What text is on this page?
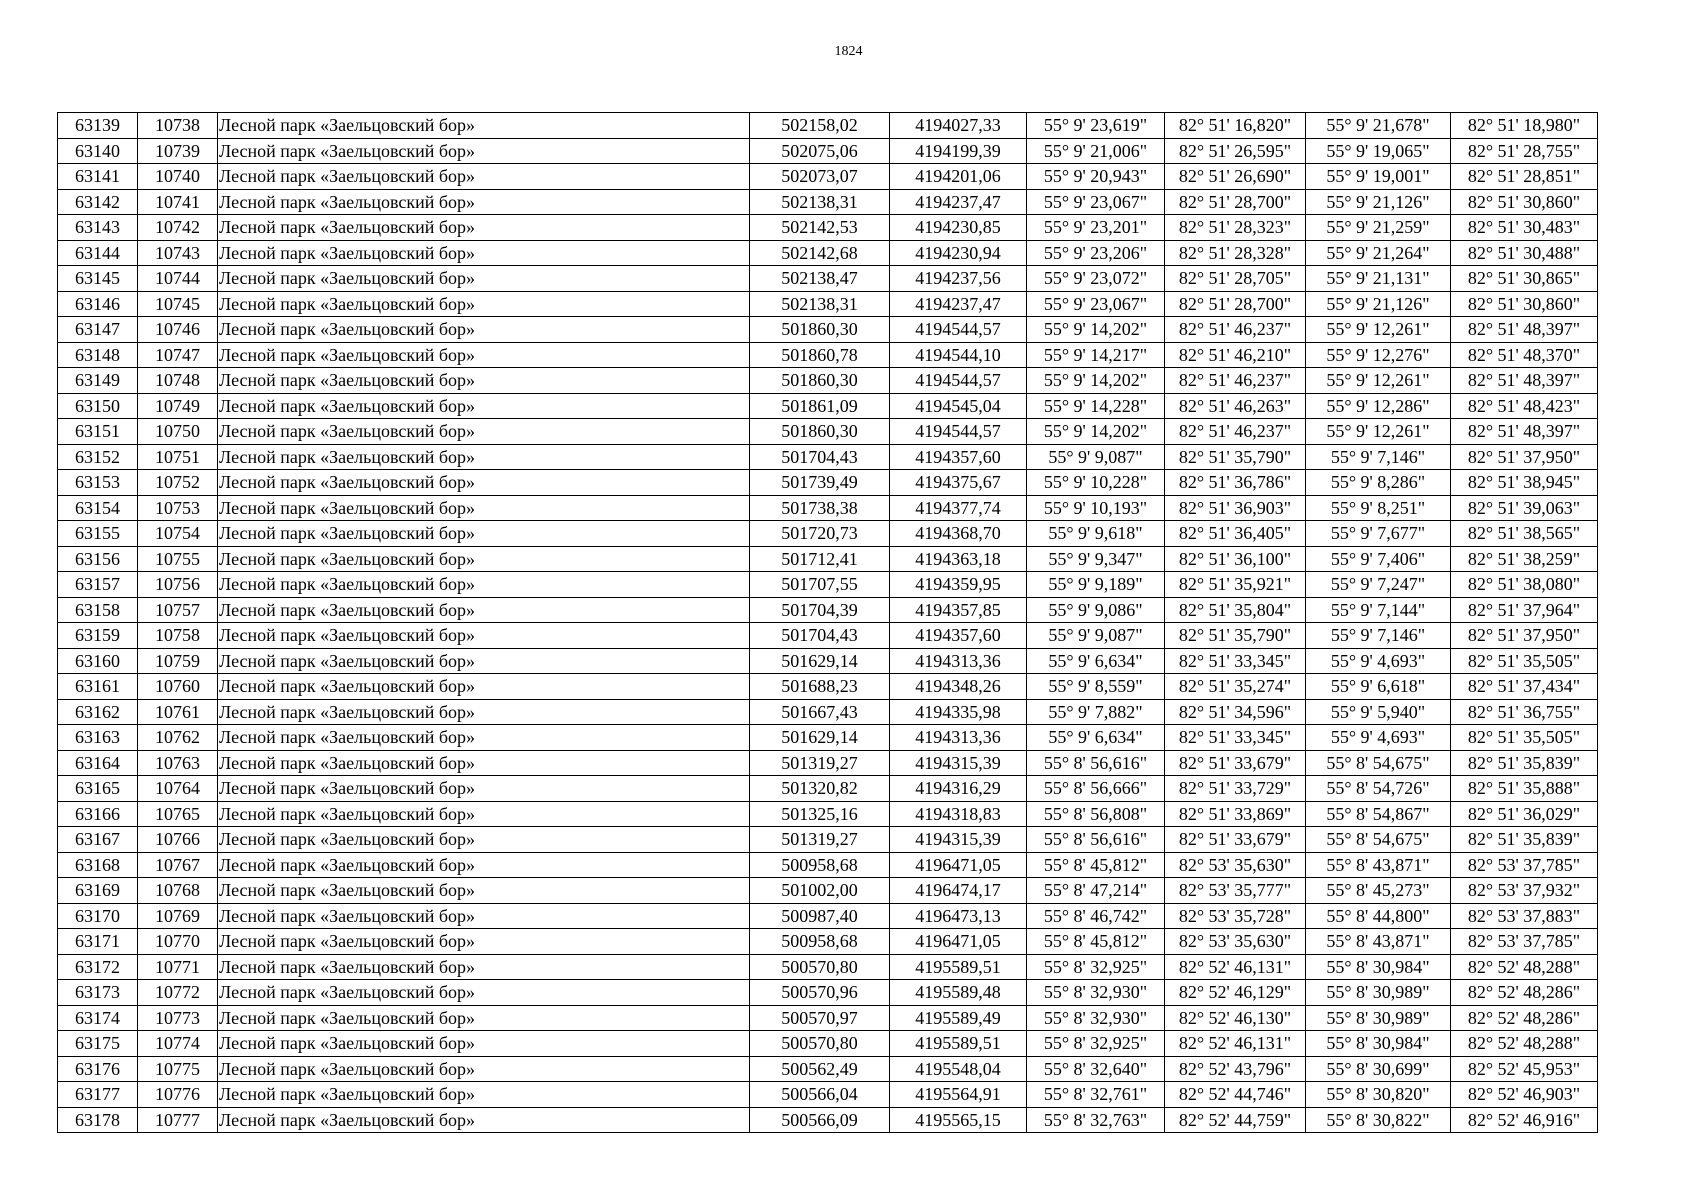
1824
63139	10738	Лесной парк «Заельцовский бор»	502158,02	4194027,33	55° 9' 23,619"	82° 51' 16,820"	55° 9' 21,678"	82° 51' 18,980"
63140	10739	Лесной парк «Заельцовский бор»	502075,06	4194199,39	55° 9' 21,006"	82° 51' 26,595"	55° 9' 19,065"	82° 51' 28,755"
63141	10740	Лесной парк «Заельцовский бор»	502073,07	4194201,06	55° 9' 20,943"	82° 51' 26,690"	55° 9' 19,001"	82° 51' 28,851"
63142	10741	Лесной парк «Заельцовский бор»	502138,31	4194237,47	55° 9' 23,067"	82° 51' 28,700"	55° 9' 21,126"	82° 51' 30,860"
63143	10742	Лесной парк «Заельцовский бор»	502142,53	4194230,85	55° 9' 23,201"	82° 51' 28,323"	55° 9' 21,259"	82° 51' 30,483"
63144	10743	Лесной парк «Заельцовский бор»	502142,68	4194230,94	55° 9' 23,206"	82° 51' 28,328"	55° 9' 21,264"	82° 51' 30,488"
63145	10744	Лесной парк «Заельцовский бор»	502138,47	4194237,56	55° 9' 23,072"	82° 51' 28,705"	55° 9' 21,131"	82° 51' 30,865"
63146	10745	Лесной парк «Заельцовский бор»	502138,31	4194237,47	55° 9' 23,067"	82° 51' 28,700"	55° 9' 21,126"	82° 51' 30,860"
63147	10746	Лесной парк «Заельцовский бор»	501860,30	4194544,57	55° 9' 14,202"	82° 51' 46,237"	55° 9' 12,261"	82° 51' 48,397"
63148	10747	Лесной парк «Заельцовский бор»	501860,78	4194544,10	55° 9' 14,217"	82° 51' 46,210"	55° 9' 12,276"	82° 51' 48,370"
63149	10748	Лесной парк «Заельцовский бор»	501860,30	4194544,57	55° 9' 14,202"	82° 51' 46,237"	55° 9' 12,261"	82° 51' 48,397"
63150	10749	Лесной парк «Заельцовский бор»	501861,09	4194545,04	55° 9' 14,228"	82° 51' 46,263"	55° 9' 12,286"	82° 51' 48,423"
63151	10750	Лесной парк «Заельцовский бор»	501860,30	4194544,57	55° 9' 14,202"	82° 51' 46,237"	55° 9' 12,261"	82° 51' 48,397"
63152	10751	Лесной парк «Заельцовский бор»	501704,43	4194357,60	55° 9' 9,087"	82° 51' 35,790"	55° 9' 7,146"	82° 51' 37,950"
63153	10752	Лесной парк «Заельцовский бор»	501739,49	4194375,67	55° 9' 10,228"	82° 51' 36,786"	55° 9' 8,286"	82° 51' 38,945"
63154	10753	Лесной парк «Заельцовский бор»	501738,38	4194377,74	55° 9' 10,193"	82° 51' 36,903"	55° 9' 8,251"	82° 51' 39,063"
63155	10754	Лесной парк «Заельцовский бор»	501720,73	4194368,70	55° 9' 9,618"	82° 51' 36,405"	55° 9' 7,677"	82° 51' 38,565"
63156	10755	Лесной парк «Заельцовский бор»	501712,41	4194363,18	55° 9' 9,347"	82° 51' 36,100"	55° 9' 7,406"	82° 51' 38,259"
63157	10756	Лесной парк «Заельцовский бор»	501707,55	4194359,95	55° 9' 9,189"	82° 51' 35,921"	55° 9' 7,247"	82° 51' 38,080"
63158	10757	Лесной парк «Заельцовский бор»	501704,39	4194357,85	55° 9' 9,086"	82° 51' 35,804"	55° 9' 7,144"	82° 51' 37,964"
63159	10758	Лесной парк «Заельцовский бор»	501704,43	4194357,60	55° 9' 9,087"	82° 51' 35,790"	55° 9' 7,146"	82° 51' 37,950"
63160	10759	Лесной парк «Заельцовский бор»	501629,14	4194313,36	55° 9' 6,634"	82° 51' 33,345"	55° 9' 4,693"	82° 51' 35,505"
63161	10760	Лесной парк «Заельцовский бор»	501688,23	4194348,26	55° 9' 8,559"	82° 51' 35,274"	55° 9' 6,618"	82° 51' 37,434"
63162	10761	Лесной парк «Заельцовский бор»	501667,43	4194335,98	55° 9' 7,882"	82° 51' 34,596"	55° 9' 5,940"	82° 51' 36,755"
63163	10762	Лесной парк «Заельцовский бор»	501629,14	4194313,36	55° 9' 6,634"	82° 51' 33,345"	55° 9' 4,693"	82° 51' 35,505"
63164	10763	Лесной парк «Заельцовский бор»	501319,27	4194315,39	55° 8' 56,616"	82° 51' 33,679"	55° 8' 54,675"	82° 51' 35,839"
63165	10764	Лесной парк «Заельцовский бор»	501320,82	4194316,29	55° 8' 56,666"	82° 51' 33,729"	55° 8' 54,726"	82° 51' 35,888"
63166	10765	Лесной парк «Заельцовский бор»	501325,16	4194318,83	55° 8' 56,808"	82° 51' 33,869"	55° 8' 54,867"	82° 51' 36,029"
63167	10766	Лесной парк «Заельцовский бор»	501319,27	4194315,39	55° 8' 56,616"	82° 51' 33,679"	55° 8' 54,675"	82° 51' 35,839"
63168	10767	Лесной парк «Заельцовский бор»	500958,68	4196471,05	55° 8' 45,812"	82° 53' 35,630"	55° 8' 43,871"	82° 53' 37,785"
63169	10768	Лесной парк «Заельцовский бор»	501002,00	4196474,17	55° 8' 47,214"	82° 53' 35,777"	55° 8' 45,273"	82° 53' 37,932"
63170	10769	Лесной парк «Заельцовский бор»	500987,40	4196473,13	55° 8' 46,742"	82° 53' 35,728"	55° 8' 44,800"	82° 53' 37,883"
63171	10770	Лесной парк «Заельцовский бор»	500958,68	4196471,05	55° 8' 45,812"	82° 53' 35,630"	55° 8' 43,871"	82° 53' 37,785"
63172	10771	Лесной парк «Заельцовский бор»	500570,80	4195589,51	55° 8' 32,925"	82° 52' 46,131"	55° 8' 30,984"	82° 52' 48,288"
63173	10772	Лесной парк «Заельцовский бор»	500570,96	4195589,48	55° 8' 32,930"	82° 52' 46,129"	55° 8' 30,989"	82° 52' 48,286"
63174	10773	Лесной парк «Заельцовский бор»	500570,97	4195589,49	55° 8' 32,930"	82° 52' 46,130"	55° 8' 30,989"	82° 52' 48,286"
63175	10774	Лесной парк «Заельцовский бор»	500570,80	4195589,51	55° 8' 32,925"	82° 52' 46,131"	55° 8' 30,984"	82° 52' 48,288"
63176	10775	Лесной парк «Заельцовский бор»	500562,49	4195548,04	55° 8' 32,640"	82° 52' 43,796"	55° 8' 30,699"	82° 52' 45,953"
63177	10776	Лесной парк «Заельцовский бор»	500566,04	4195564,91	55° 8' 32,761"	82° 52' 44,746"	55° 8' 30,820"	82° 52' 46,903"
63178	10777	Лесной парк «Заельцовский бор»	500566,09	4195565,15	55° 8' 32,763"	82° 52' 44,759"	55° 8' 30,822"	82° 52' 46,916"
